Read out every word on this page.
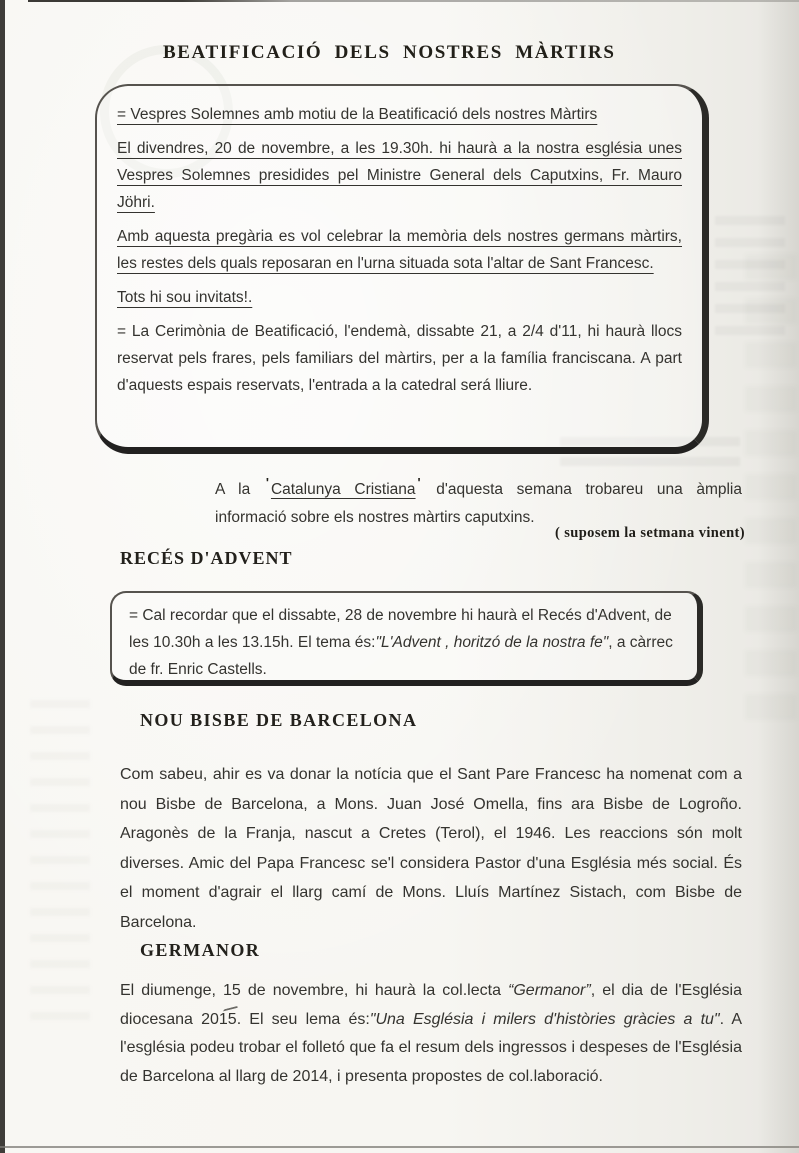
BEATIFICACIÓ DELS NOSTRES MÀRTIRS

= Vespres Solemnes amb motiu de la Beatificació dels nostres Màrtirs

El divendres, 20 de novembre, a les 19.30h. hi haurà a la nostra església unes Vespres Solemnes presidides pel Ministre General dels Caputxins, Fr. Mauro Jöhri.

Amb aquesta pregària es vol celebrar la memòria dels nostres germans màrtirs, les restes dels quals reposaran en l'urna situada sota l'altar de Sant Francesc.

Tots hi sou invitats!.

= La Cerimònia de Beatificació, l'endemà, dissabte 21, a 2/4 d'11, hi haurà llocs reservat pels frares, pels familiars del màrtirs, per a la família franciscana. A part d'aquests espais reservats, l'entrada a la catedral será lliure.

A la ' Catalunya Cristiana ' d'aquesta semana trobareu una àmplia informació sobre els nostres màrtirs caputxins.

( suposem la setmana vinent)

RECÉS D'ADVENT

= Cal recordar que el dissabte, 28 de novembre hi haurà el Recés d'Advent, de les 10.30h a les 13.15h. El tema és:"L'Advent , horitzó de la nostra fe", a càrrec de fr. Enric Castells.

NOU BISBE DE BARCELONA

Com sabeu, ahir es va donar la notícia que el Sant Pare Francesc ha nomenat com a nou Bisbe de Barcelona, a Mons. Juan José Omella, fins ara Bisbe de Logroño. Aragonès de la Franja, nascut a Cretes (Terol), el 1946. Les reaccions són molt diverses. Amic del Papa Francesc se'l considera Pastor d'una Església més social. És el moment d'agrair el llarg camí de Mons. Lluís Martínez Sistach, com Bisbe de Barcelona.

GERMANOR

El diumenge, 15 de novembre, hi haurà la col.lecta “Germanor”, el dia de l'Església diocesana 2015. El seu lema és:"Una Església i milers d'històries gràcies a tu". A l'església podeu trobar el folletó que fa el resum dels ingressos i despeses de l'Església de Barcelona al llarg de 2014, i presenta propostes de col.laboració.
